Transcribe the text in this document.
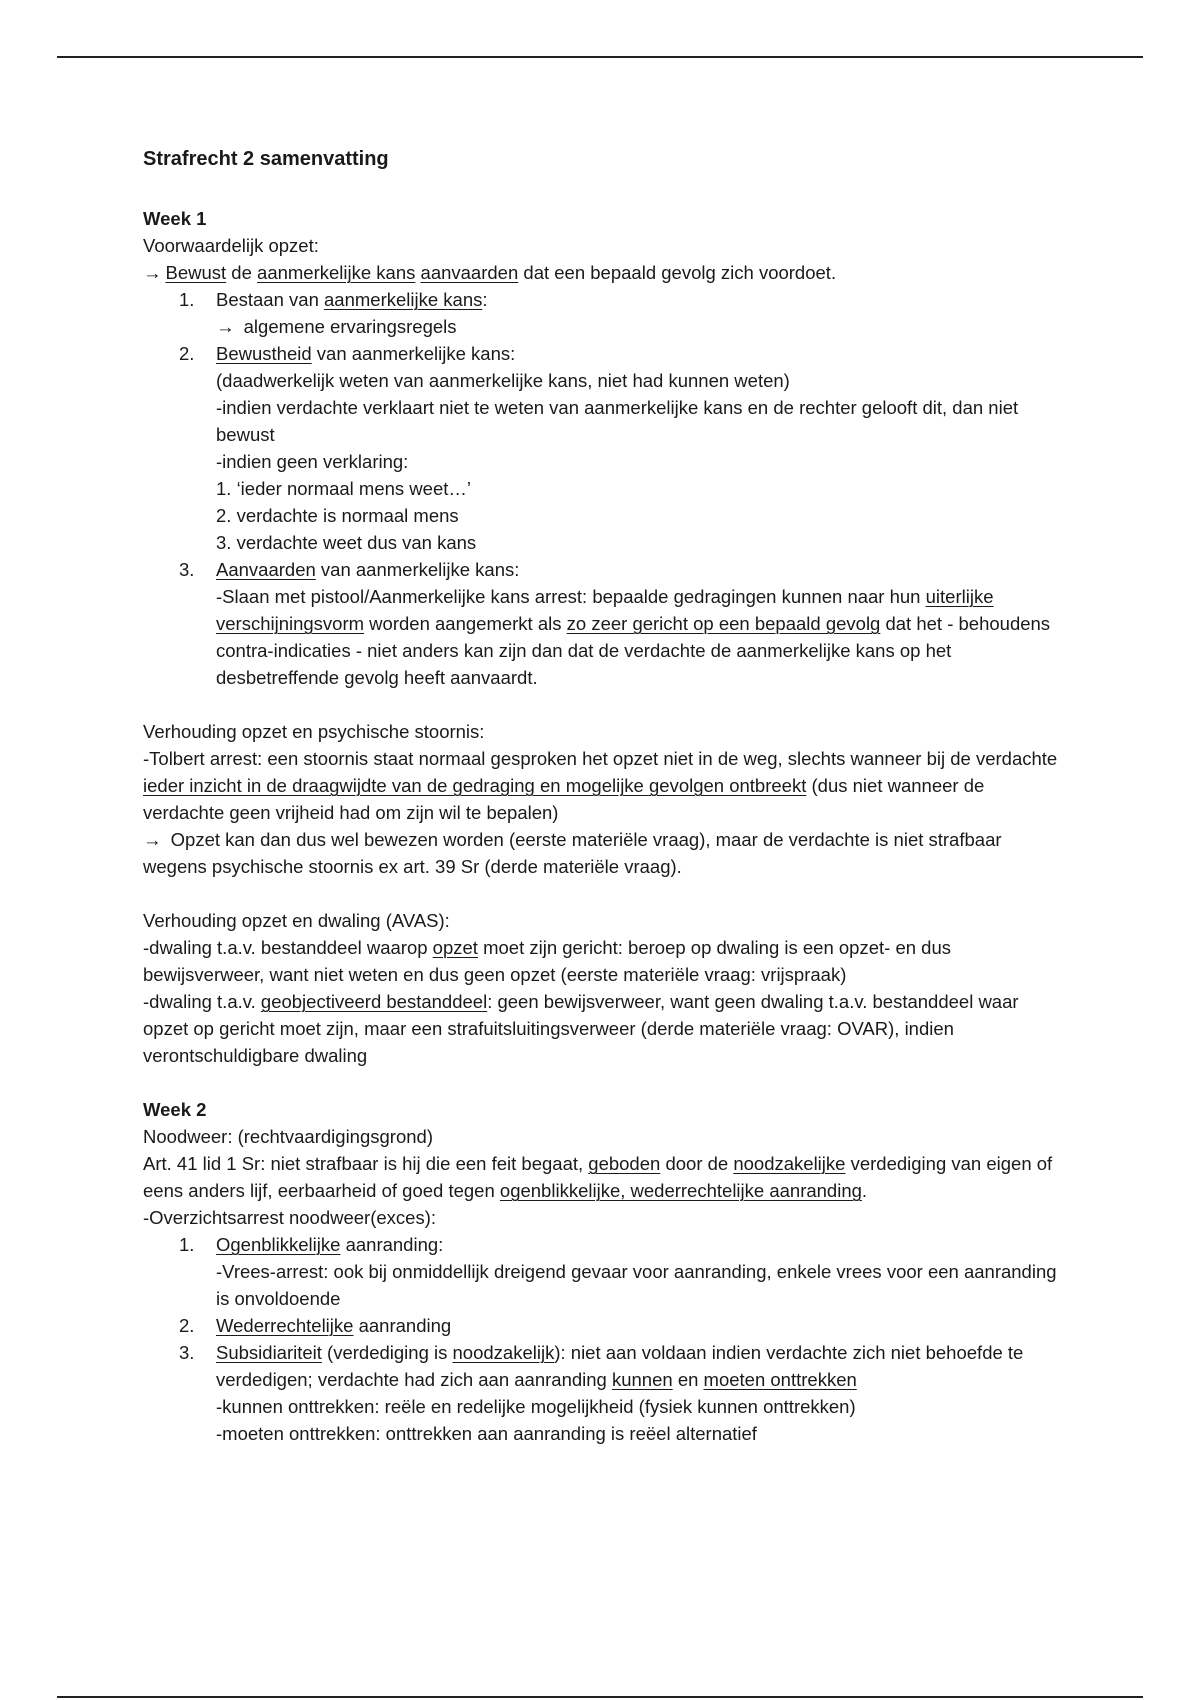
Strafrecht 2 samenvatting

Week 1

Voorwaardelijk opzet:

→ Bewust de aanmerkelijke kans aanvaarden dat een bepaald gevolg zich voordoet.

1. Bestaan van aanmerkelijke kans:
→ algemene ervaringsregels
2. Bewustheid van aanmerkelijke kans:
(daadwerkelijk weten van aanmerkelijke kans, niet had kunnen weten)
-indien verdachte verklaart niet te weten van aanmerkelijke kans en de rechter gelooft dit, dan niet bewust
-indien geen verklaring:
1. ‘ieder normaal mens weet…’
2. verdachte is normaal mens
3. verdachte weet dus van kans
3. Aanvaarden van aanmerkelijke kans:
-Slaan met pistool/Aanmerkelijke kans arrest: bepaalde gedragingen kunnen naar hun uiterlijke verschijningsvorm worden aangemerkt als zo zeer gericht op een bepaald gevolg dat het - behoudens contra-indicaties - niet anders kan zijn dan dat de verdachte de aanmerkelijke kans op het desbetreffende gevolg heeft aanvaardt.

Verhouding opzet en psychische stoornis:

-Tolbert arrest: een stoornis staat normaal gesproken het opzet niet in de weg, slechts wanneer bij de verdachte ieder inzicht in de draagwijdte van de gedraging en mogelijke gevolgen ontbreekt (dus niet wanneer de verdachte geen vrijheid had om zijn wil te bepalen)

→ Opzet kan dan dus wel bewezen worden (eerste materiële vraag), maar de verdachte is niet strafbaar wegens psychische stoornis ex art. 39 Sr (derde materiële vraag).

Verhouding opzet en dwaling (AVAS):

-dwaling t.a.v. bestanddeel waarop opzet moet zijn gericht: beroep op dwaling is een opzet- en dus bewijsverweer, want niet weten en dus geen opzet (eerste materiële vraag: vrijspraak)

-dwaling t.a.v. geobjectiveerd bestanddeel: geen bewijsverweer, want geen dwaling t.a.v. bestanddeel waar opzet op gericht moet zijn, maar een strafuitsluitingsverweer (derde materiële vraag: OVAR), indien verontschuldigbare dwaling

Week 2

Noodweer: (rechtvaardigingsgrond)

Art. 41 lid 1 Sr: niet strafbaar is hij die een feit begaat, geboden door de noodzakelijke verdediging van eigen of eens anders lijf, eerbaarheid of goed tegen ogenblikkelijke, wederrechtelijke aanranding.

-Overzichtsarrest noodweer(exces):

1. Ogenblikkelijke aanranding:
-Vrees-arrest: ook bij onmiddellijk dreigend gevaar voor aanranding, enkele vrees voor een aanranding is onvoldoende
2. Wederrechtelijke aanranding
3. Subsidiariteit (verdediging is noodzakelijk): niet aan voldaan indien verdachte zich niet behoefde te verdedigen; verdachte had zich aan aanranding kunnen en moeten onttrekken
-kunnen onttrekken: reële en redelijke mogelijkheid (fysiek kunnen onttrekken)
-moeten onttrekken: onttrekken aan aanranding is reëel alternatief
